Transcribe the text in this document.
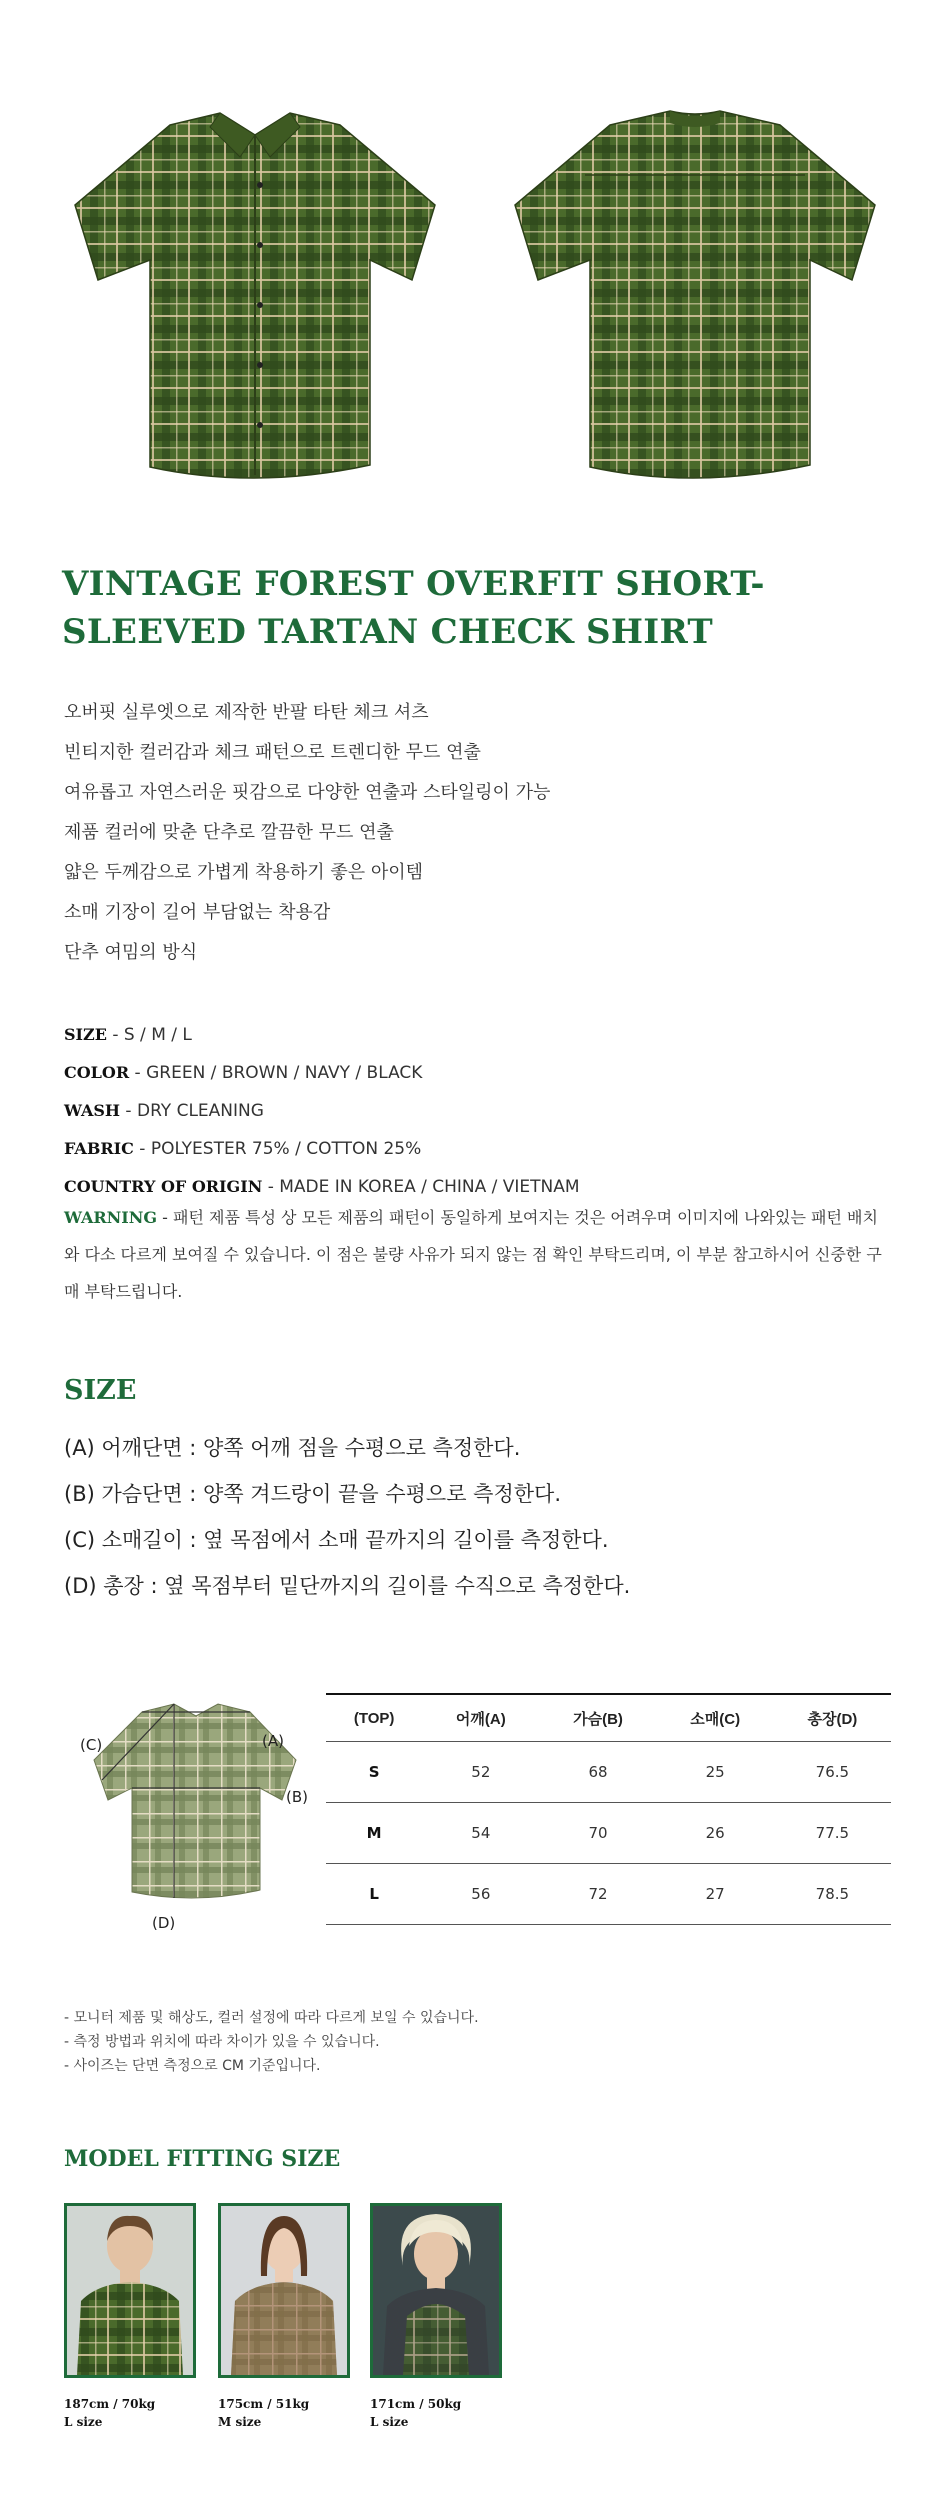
VINTAGE FOREST OVERFIT SHORT-SLEEVED TARTAN CHECK SHIRT
오버핏 실루엣으로 제작한 반팔 타탄 체크 셔츠
빈티지한 컬러감과 체크 패턴으로 트렌디한 무드 연출
여유롭고 자연스러운 핏감으로 다양한 연출과 스타일링이 가능
제품 컬러에 맞춘 단추로 깔끔한 무드 연출
얇은 두께감으로 가볍게 착용하기 좋은 아이템
소매 기장이 길어 부담없는 착용감
단추 여밈의 방식
SIZE - S / M / L
COLOR - GREEN / BROWN / NAVY / BLACK
WASH - DRY CLEANING
FABRIC - POLYESTER 75% / COTTON 25%
COUNTRY OF ORIGIN - MADE IN KOREA / CHINA / VIETNAM
WARNING - 패턴 제품 특성 상 모든 제품의 패턴이 동일하게 보여지는 것은 어려우며 이미지에 나와있는 패턴 배치와 다소 다르게 보여질 수 있습니다. 이 점은 불량 사유가 되지 않는 점 확인 부탁드리며, 이 부분 참고하시어 신중한 구매 부탁드립니다.
SIZE
(A) 어깨단면 : 양쪽 어깨 점을 수평으로 측정한다.
(B) 가슴단면 : 양쪽 겨드랑이 끝을 수평으로 측정한다.
(C) 소매길이 : 옆 목점에서 소매 끝까지의 길이를 측정한다.
(D) 총장 : 옆 목점부터 밑단까지의 길이를 수직으로 측정한다.
(A)
(B)
(C)
(D)
(TOP)	어깨(A)	가슴(B)	소매(C)	총장(D)
S	52	68	25	76.5
M	54	70	26	77.5
L	56	72	27	78.5
- 모니터 제품 및 해상도, 컬러 설정에 따라 다르게 보일 수 있습니다.
- 측정 방법과 위치에 따라 차이가 있을 수 있습니다.
- 사이즈는 단면 측정으로 CM 기준입니다.
MODEL FITTING SIZE
187cm / 70kg
L size
175cm / 51kg
M size
171cm / 50kg
L size
